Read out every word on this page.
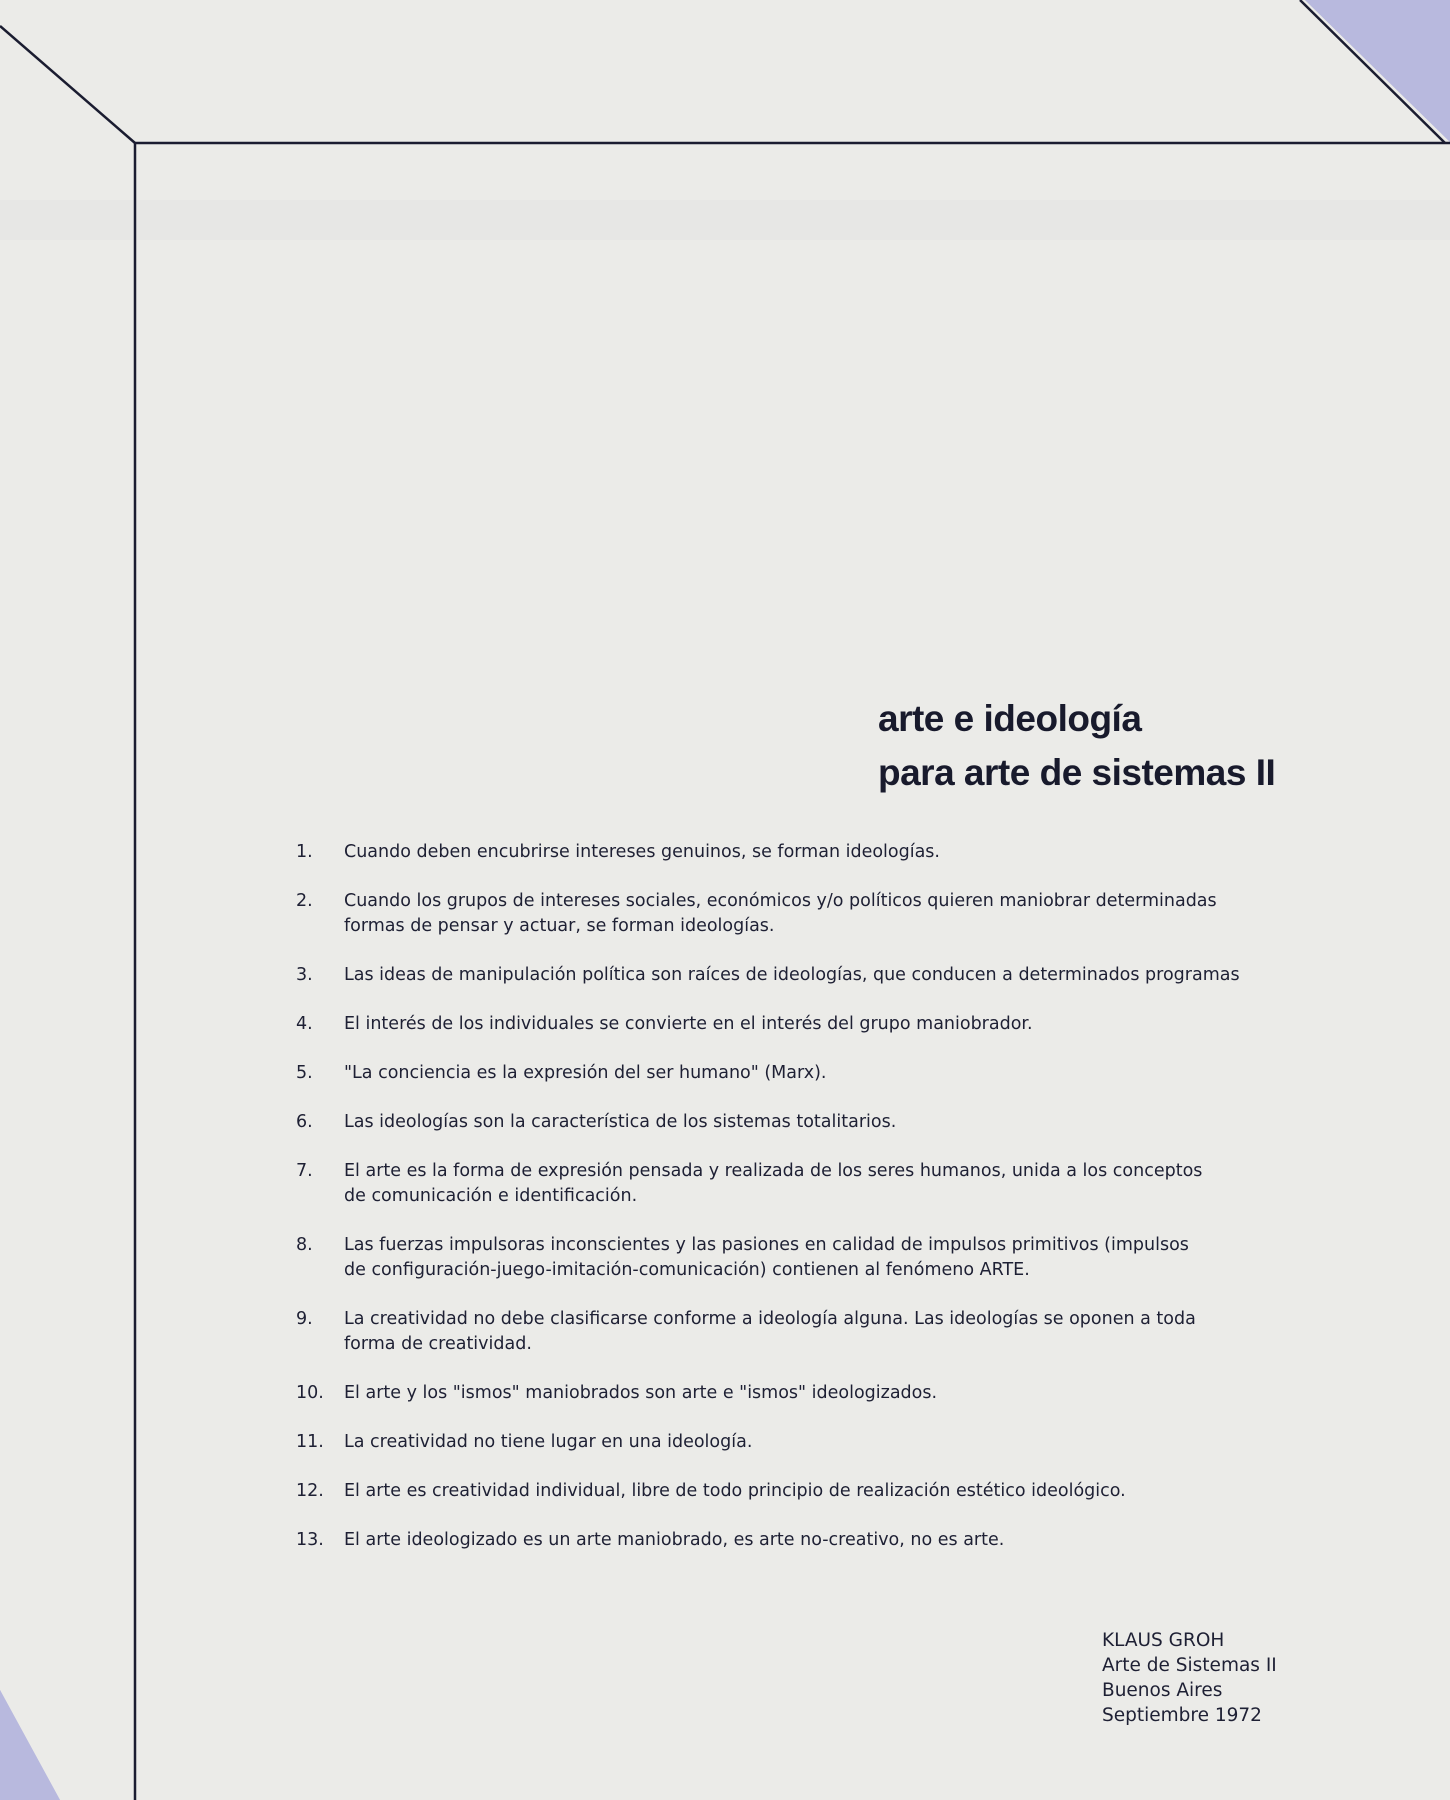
arte e ideología
para arte de sistemas II
1.	Cuando deben encubrirse intereses genuinos, se forman ideologías.
2.	Cuando los grupos de intereses sociales, económicos y/o políticos quieren maniobrar determinadas
formas de pensar y actuar, se forman ideologías.
3.	Las ideas de manipulación política son raíces de ideologías, que conducen a determinados programas
4.	El interés de los individuales se convierte en el interés del grupo maniobrador.
5.	"La conciencia es la expresión del ser humano" (Marx).
6.	Las ideologías son la característica de los sistemas totalitarios.
7.	El arte es la forma de expresión pensada y realizada de los seres humanos, unida a los conceptos
de comunicación e identificación.
8.	Las fuerzas impulsoras inconscientes y las pasiones en calidad de impulsos primitivos (impulsos
de configuración-juego-imitación-comunicación) contienen al fenómeno ARTE.
9.	La creatividad no debe clasificarse conforme a ideología alguna. Las ideologías se oponen a toda
forma de creatividad.
10.	El arte y los "ismos" maniobrados son arte e "ismos" ideologizados.
11.	La creatividad no tiene lugar en una ideología.
12.	El arte es creatividad individual, libre de todo principio de realización estético ideológico.
13.	El arte ideologizado es un arte maniobrado, es arte no-creativo, no es arte.
KLAUS GROH
Arte de Sistemas II
Buenos Aires
Septiembre 1972
